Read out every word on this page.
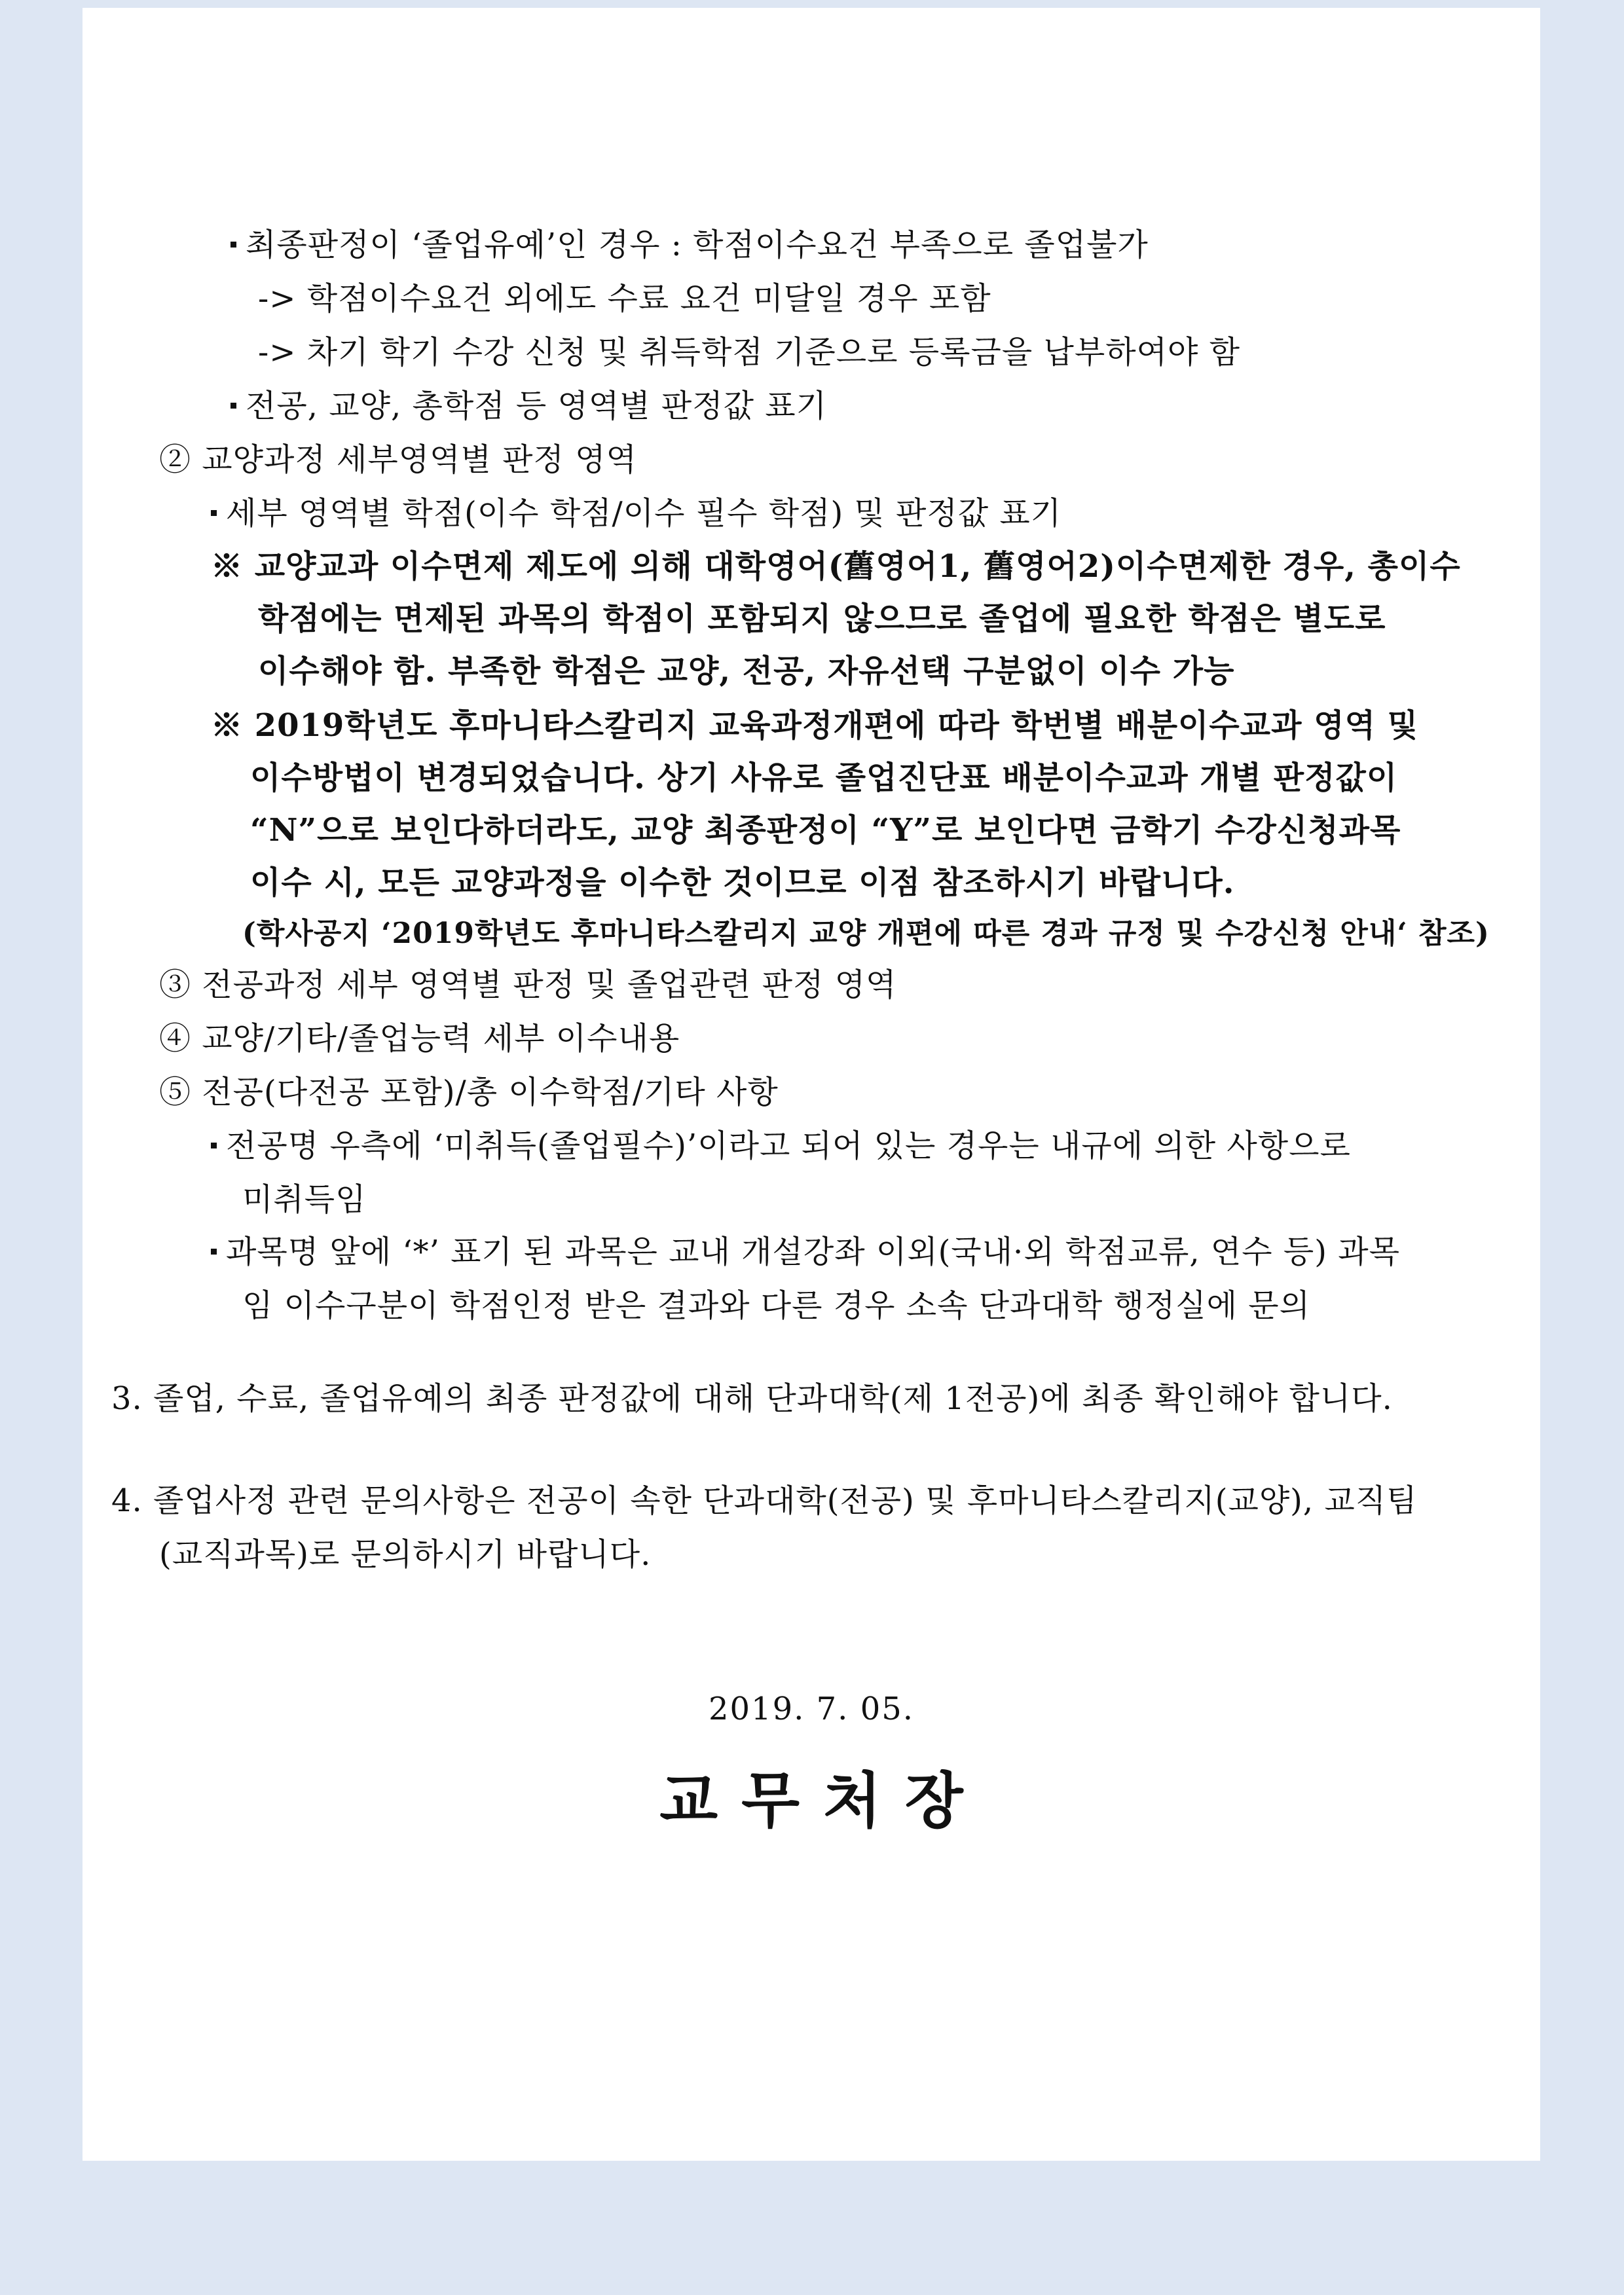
최종판정이 ‘졸업유예’인 경우 : 학점이수요건 부족으로 졸업불가
-> 학점이수요건 외에도 수료 요건 미달일 경우 포함
-> 차기 학기 수강 신청 및 취득학점 기준으로 등록금을 납부하여야 함
전공, 교양, 총학점 등 영역별 판정값 표기
② 교양과정 세부영역별 판정 영역
세부 영역별 학점(이수 학점/이수 필수 학점) 및 판정값 표기
※ 교양교과 이수면제 제도에 의해 대학영어(舊영어1, 舊영어2)이수면제한 경우, 총이수
학점에는 면제된 과목의 학점이 포함되지 않으므로 졸업에 필요한 학점은 별도로
이수해야 함. 부족한 학점은 교양, 전공, 자유선택 구분없이 이수 가능
※ 2019학년도 후마니타스칼리지 교육과정개편에 따라 학번별 배분이수교과 영역 및
이수방법이 변경되었습니다. 상기 사유로 졸업진단표 배분이수교과 개별 판정값이
“N”으로 보인다하더라도, 교양 최종판정이 “Y”로 보인다면 금학기 수강신청과목
이수 시, 모든 교양과정을 이수한 것이므로 이점 참조하시기 바랍니다.
(학사공지 ‘2019학년도 후마니타스칼리지 교양 개편에 따른 경과 규정 및 수강신청 안내‘ 참조)
③ 전공과정 세부 영역별 판정 및 졸업관련 판정 영역
④ 교양/기타/졸업능력 세부 이수내용
⑤ 전공(다전공 포함)/총 이수학점/기타 사항
전공명 우측에 ‘미취득(졸업필수)’이라고 되어 있는 경우는 내규에 의한 사항으로
미취득임
과목명 앞에 ‘*’ 표기 된 과목은 교내 개설강좌 이외(국내·외 학점교류, 연수 등) 과목
임 이수구분이 학점인정 받은 결과와 다른 경우 소속 단과대학 행정실에 문의
3. 졸업, 수료, 졸업유예의 최종 판정값에 대해 단과대학(제 1전공)에 최종 확인해야 합니다.
4. 졸업사정 관련 문의사항은 전공이 속한 단과대학(전공) 및 후마니타스칼리지(교양), 교직팀
(교직과목)로 문의하시기 바랍니다.
2019. 7. 05.
교무처장
